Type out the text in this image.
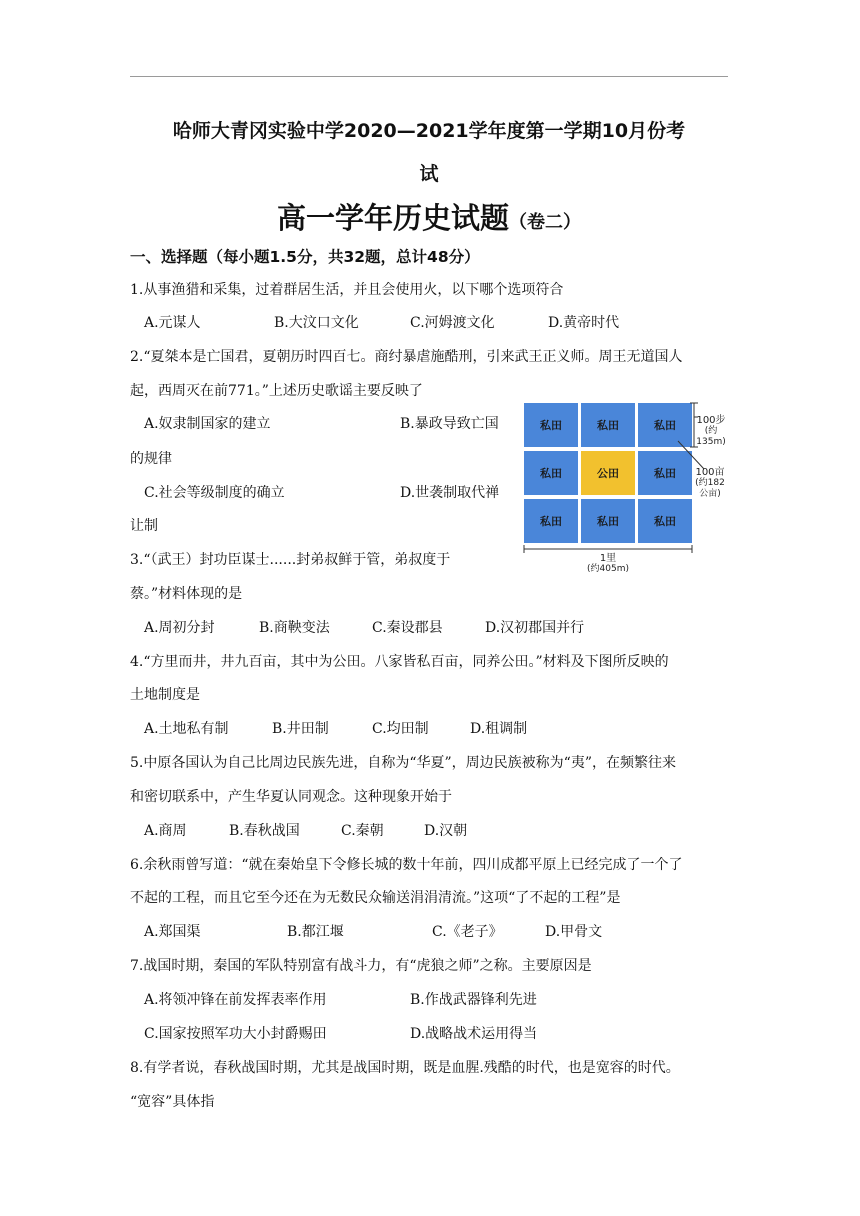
哈师大青冈实验中学2020—2021学年度第一学期10月份考
试
高一学年历史试题（卷二）
一、选择题（每小题1.5分，共32题，总计48分）
1.从事渔猎和采集，过着群居生活，并且会使用火，以下哪个选项符合
A.元谋人	B.大汶口文化	C.河姆渡文化	D.黄帝时代
2.“夏桀本是亡国君，夏朝历时四百七。商纣暴虐施酷刑，引来武王正义师。周王无道国人
起，西周灭在前771。”上述历史歌谣主要反映了
A.奴隶制国家的建立	B.暴政导致亡国
的规律
C.社会等级制度的确立	D.世袭制取代禅
让制
3.“（武王）封功臣谋士......封弟叔鲜于管，弟叔度于
蔡。”材料体现的是
A.周初分封	B.商鞅变法	C.秦设郡县	D.汉初郡国并行
4.“方里而井，井九百亩，其中为公田。八家皆私百亩，同养公田。”材料及下图所反映的
土地制度是
A.土地私有制	B.井田制	C.均田制	D.租调制
5.中原各国认为自己比周边民族先进，自称为“华夏”，周边民族被称为“夷”，在频繁往来
和密切联系中，产生华夏认同观念。这种现象开始于
A.商周	B.春秋战国	C.秦朝	D.汉朝
6.余秋雨曾写道：“就在秦始皇下令修长城的数十年前，四川成都平原上已经完成了一个了
不起的工程，而且它至今还在为无数民众输送涓涓清流。”这项“了不起的工程”是
A.郑国渠	B.都江堰	C.《老子》	D.甲骨文
7.战国时期，秦国的军队特别富有战斗力，有“虎狼之师”之称。主要原因是
A.将领冲锋在前发挥表率作用	B.作战武器锋利先进
C.国家按照军功大小封爵赐田	D.战略战术运用得当
8.有学者说，春秋战国时期，尤其是战国时期，既是血腥.残酷的时代，也是宽容的时代。
“宽容”具体指
私田	私田	私田
私田	公田	私田
私田	私田	私田
100步
(约135m)
100亩
(约182公亩)
1里
(约405m)
